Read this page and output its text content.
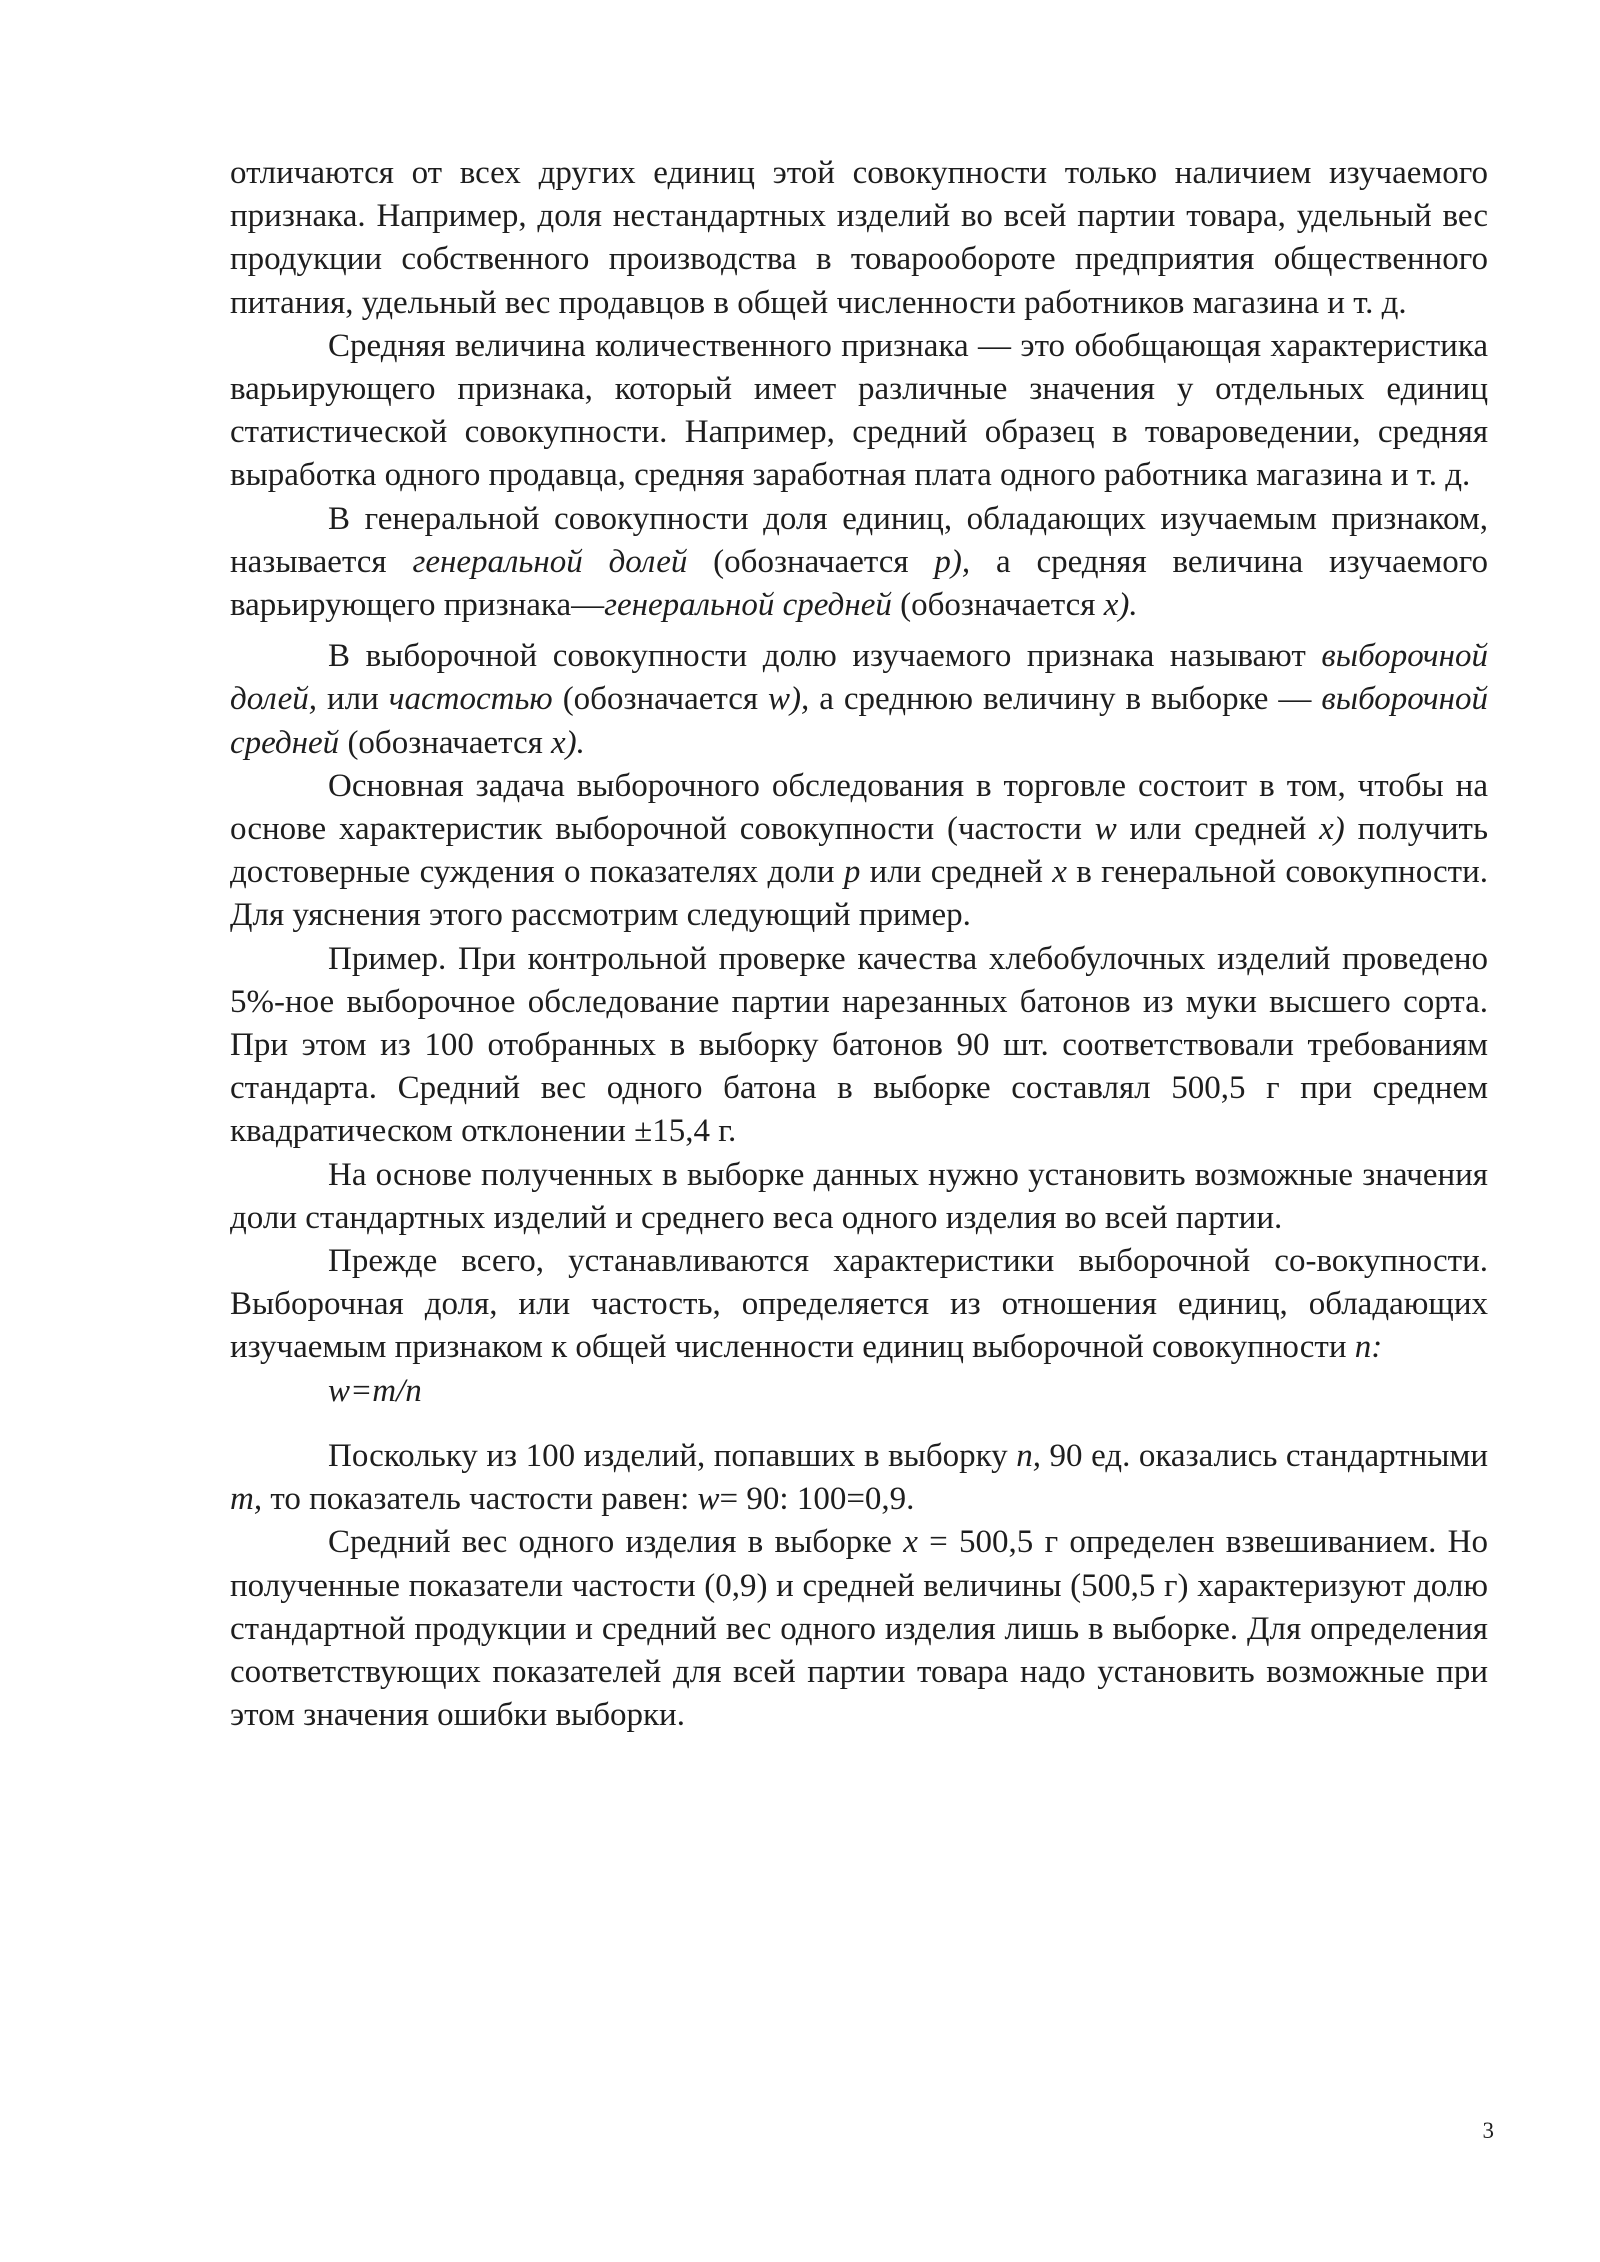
отличаются от всех других единиц этой совокупности только наличием изучаемого признака. Например, доля нестандартных изделий во всей партии товара, удельный вес продукции собственного производства в товарообороте предприятия общественного питания, удельный вес продавцов в общей численности работников магазина и т. д.

Средняя величина количественного признака — это обобщающая характеристика варьирующего признака, который имеет различные значения у отдельных единиц статистической совокупности. Например, средний образец в товароведении, средняя выработка одного продавца, средняя заработная плата одного работника магазина и т. д.

В генеральной совокупности доля единиц, обладающих изучаемым признаком, называется генеральной долей (обозначается р), а средняя величина изучаемого варьирующего признака—генеральной средней (обозначается х).

В выборочной совокупности долю изучаемого признака называют выборочной долей, или частостью (обозначается w), а среднюю величину в выборке — выборочной средней (обозначается х).

Основная задача выборочного обследования в торговле состоит в том, чтобы на основе характеристик выборочной совокупности (частости w или средней х) получить достоверные суждения о показателях доли р или средней х в генеральной совокупности. Для уяснения этого рассмотрим следующий пример.

Пример. При контрольной проверке качества хлебобулочных изделий проведено 5%-ное выборочное обследование партии нарезанных батонов из муки высшего сорта. При этом из 100 отобранных в выборку батонов 90 шт. соответствовали требованиям стандарта. Средний вес одного батона в выборке составлял 500,5 г при среднем квадратическом отклонении ±15,4 г.

На основе полученных в выборке данных нужно установить возможные значения доли стандартных изделий и среднего веса одного изделия во всей партии.

Прежде всего, устанавливаются характеристики выборочной со-вокупности. Выборочная доля, или частость, определяется из отношения единиц, обладающих изучаемым признаком к общей численности единиц выборочной совокупности n:

w=m/n

Поскольку из 100 изделий, попавших в выборку n, 90 ед. оказались стандартными m, то показатель частости равен: w= 90: 100=0,9.

Средний вес одного изделия в выборке х = 500,5 г определен взвешиванием. Но полученные показатели частости (0,9) и средней величины (500,5 г) характеризуют долю стандартной продукции и средний вес одного изделия лишь в выборке. Для определения соответствующих показателей для всей партии товара надо установить возможные при этом значения ошибки выборки.

3
